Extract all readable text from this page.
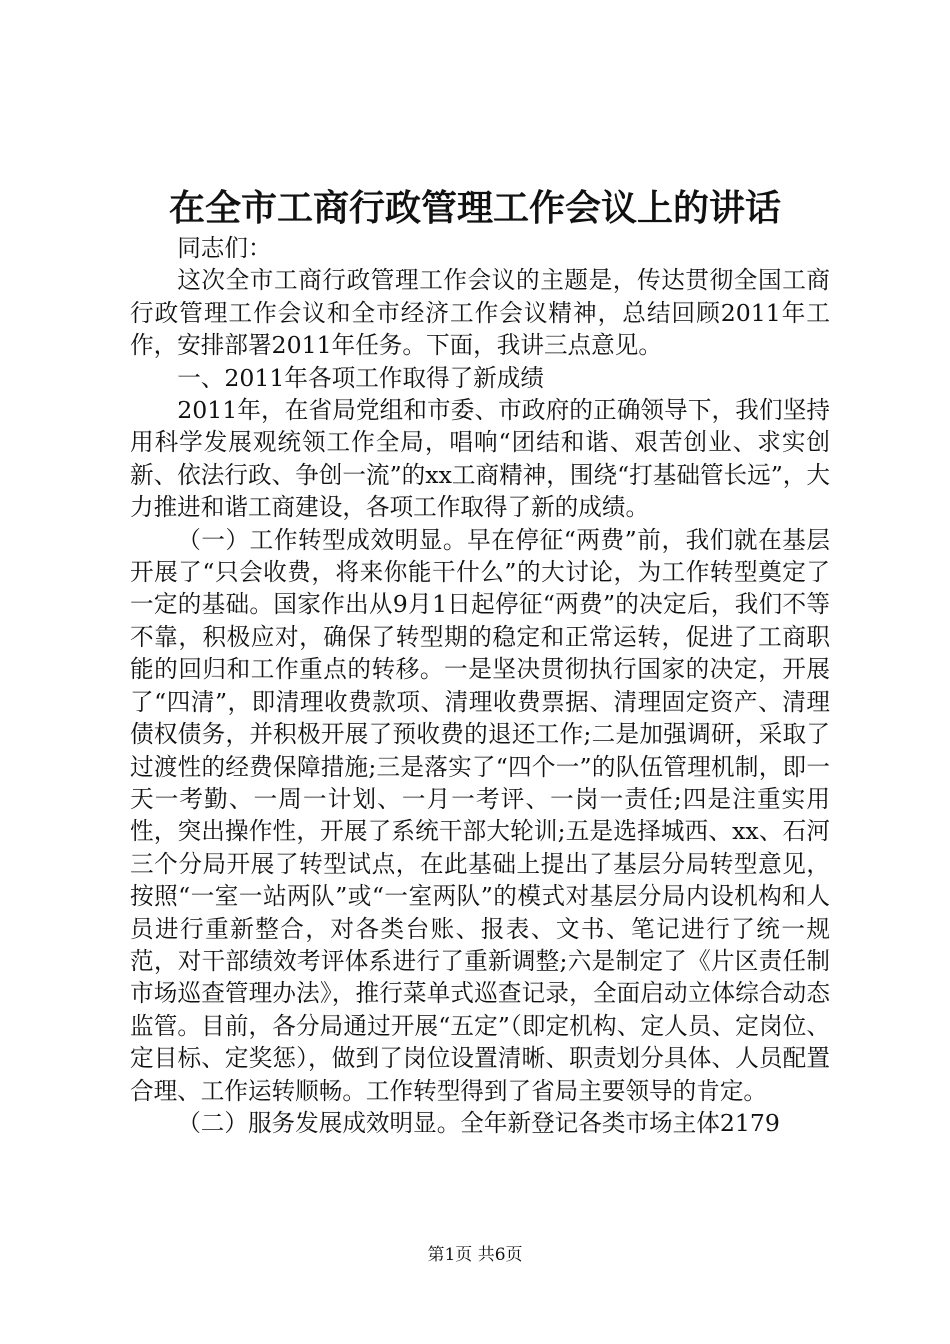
在全市工商行政管理工作会议上的讲话

同志们：

这次全市工商行政管理工作会议的主题是，传达贯彻全国工商行政管理工作会议和全市经济工作会议精神，总结回顾2011年工作，安排部署2011年任务。下面，我讲三点意见。

一、2011年各项工作取得了新成绩

2011年，在省局党组和市委、市政府的正确领导下，我们坚持用科学发展观统领工作全局，唱响“团结和谐、艰苦创业、求实创新、依法行政、争创一流”的xx工商精神，围绕“打基础管长远”，大力推进和谐工商建设，各项工作取得了新的成绩。

（一）工作转型成效明显。早在停征“两费”前，我们就在基层开展了“只会收费，将来你能干什么”的大讨论，为工作转型奠定了一定的基础。国家作出从9月1日起停征“两费”的决定后，我们不等不靠，积极应对，确保了转型期的稳定和正常运转，促进了工商职能的回归和工作重点的转移。一是坚决贯彻执行国家的决定，开展了“四清”，即清理收费款项、清理收费票据、清理固定资产、清理债权债务，并积极开展了预收费的退还工作;二是加强调研，采取了过渡性的经费保障措施;三是落实了“四个一”的队伍管理机制，即一天一考勤、一周一计划、一月一考评、一岗一责任;四是注重实用性，突出操作性，开展了系统干部大轮训;五是选择城西、xx、石河三个分局开展了转型试点，在此基础上提出了基层分局转型意见，按照“一室一站两队”或“一室两队”的模式对基层分局内设机构和人员进行重新整合，对各类台账、报表、文书、笔记进行了统一规范，对干部绩效考评体系进行了重新调整;六是制定了《片区责任制市场巡查管理办法》，推行菜单式巡查记录，全面启动立体综合动态监管。目前，各分局通过开展“五定”（即定机构、定人员、定岗位、定目标、定奖惩），做到了岗位设置清晰、职责划分具体、人员配置合理、工作运转顺畅。工作转型得到了省局主要领导的肯定。

（二）服务发展成效明显。全年新登记各类市场主体2179

第1页 共6页
